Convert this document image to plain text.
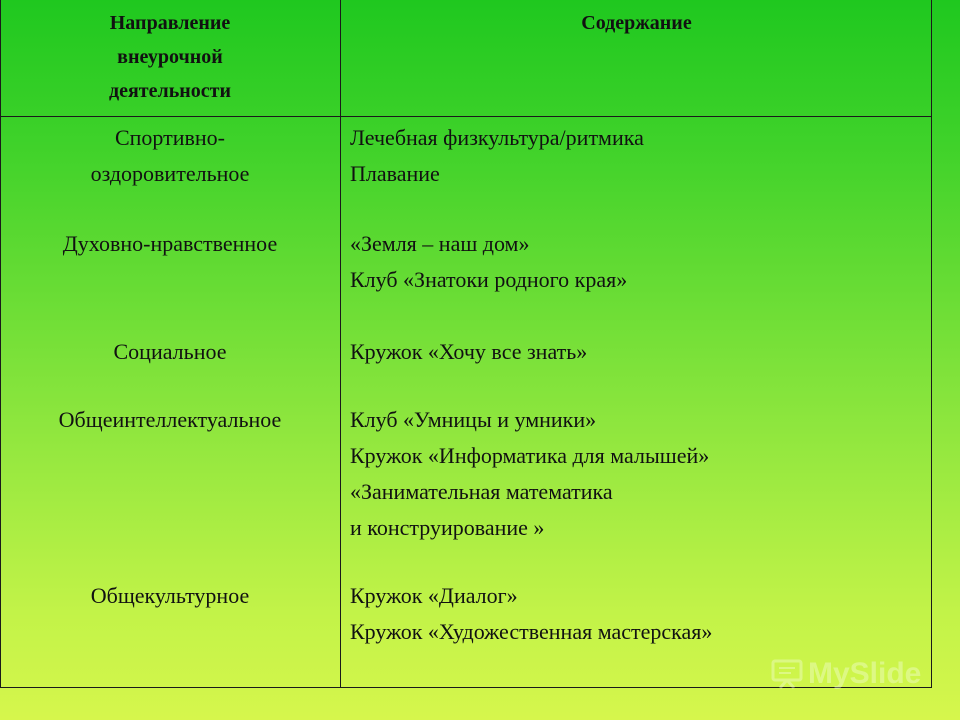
Направление
внеурочной
деятельности
Содержание
Спортивно-
оздоровительное
Духовно-нравственное
Социальное
Общеинтеллектуальное
Общекультурное
Лечебная физкультура/ритмика
Плавание
«Земля – наш дом»
Клуб «Знатоки родного края»
Кружок «Хочу все знать»
Клуб «Умницы и умники»
Кружок «Информатика для малышей»
«Занимательная математика
и конструирование »
Кружок «Диалог»
Кружок «Художественная мастерская»
MySlide
